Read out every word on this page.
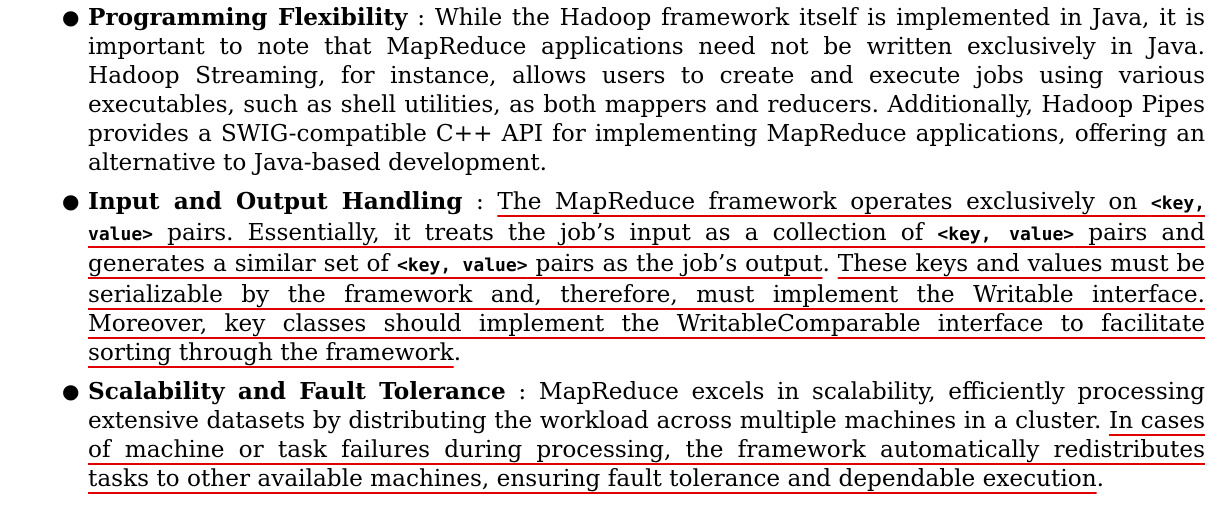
● Programming Flexibility : While the Hadoop framework itself is implemented in Java, it is important to note that MapReduce applications need not be written exclusively in Java. Hadoop Streaming, for instance, allows users to create and execute jobs using various executables, such as shell utilities, as both mappers and reducers. Additionally, Hadoop Pipes provides a SWIG-compatible C++ API for implementing MapReduce applications, offering an alternative to Java-based development.
● Input and Output Handling : The MapReduce framework operates exclusively on <key, value> pairs. Essentially, it treats the job’s input as a collection of <key, value> pairs and generates a similar set of <key, value> pairs as the job’s output. These keys and values must be serializable by the framework and, therefore, must implement the Writable interface. Moreover, key classes should implement the WritableComparable interface to facilitate sorting through the framework.
● Scalability and Fault Tolerance : MapReduce excels in scalability, efficiently processing extensive datasets by distributing the workload across multiple machines in a cluster. In cases of machine or task failures during processing, the framework automatically redistributes tasks to other available machines, ensuring fault tolerance and dependable execution.
